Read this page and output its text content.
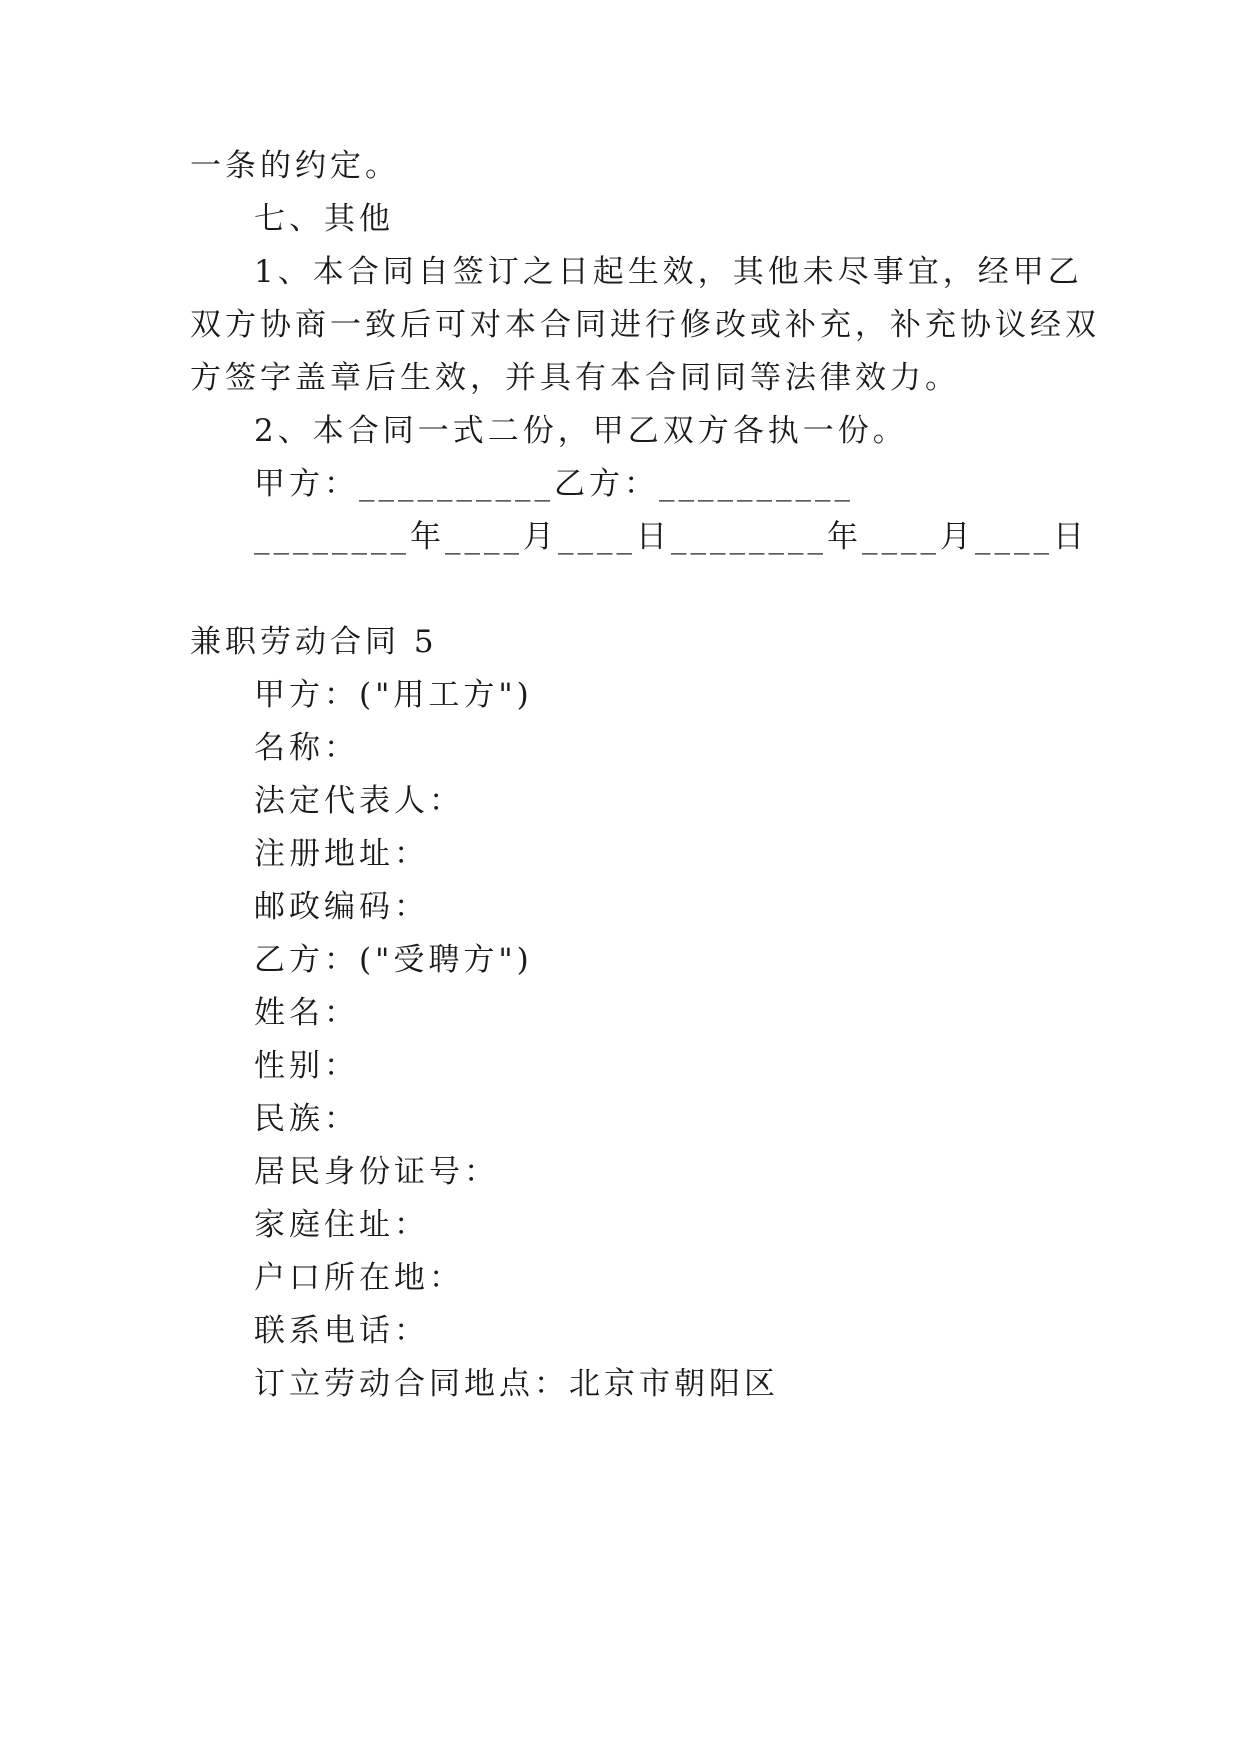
一条的约定。
七、其他
1、本合同自签订之日起生效，其他未尽事宜，经甲乙
双方协商一致后可对本合同进行修改或补充，补充协议经双
方签字盖章后生效，并具有本合同同等法律效力。
2、本合同一式二份，甲乙双方各执一份。
甲方：__________乙方：__________
________年____月____日________年____月____日
兼职劳动合同 5
甲方：("用工方")
名称：
法定代表人：
注册地址：
邮政编码：
乙方：("受聘方")
姓名：
性别：
民族：
居民身份证号：
家庭住址：
户口所在地：
联系电话：
订立劳动合同地点：北京市朝阳区
